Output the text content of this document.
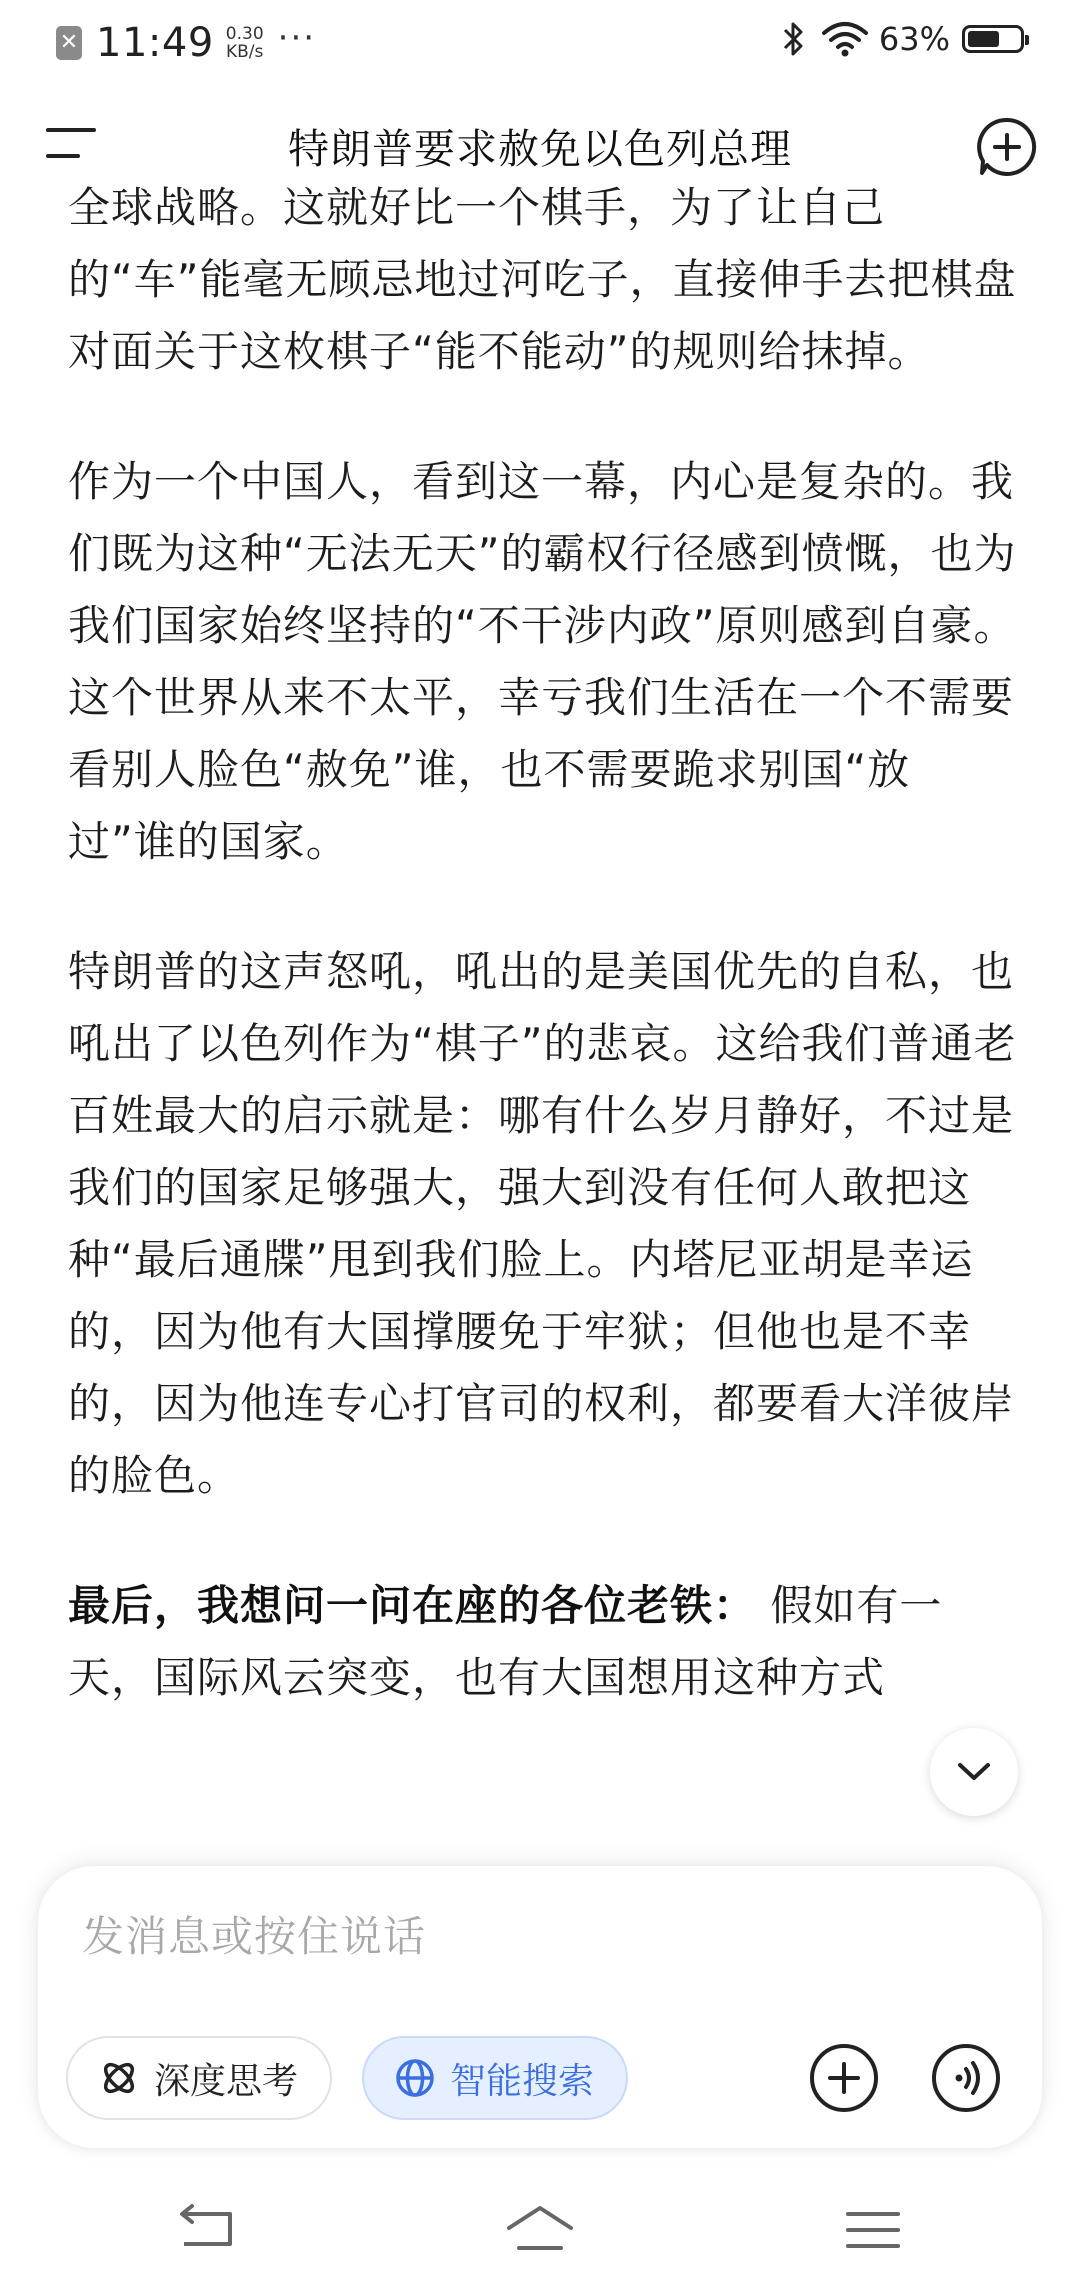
✕ 11:49 0.30
KB/s ···	63%
特朗普要求赦免以色列总理

全球战略。这就好比一个棋手，为了让自己的“车”能毫无顾忌地过河吃子，直接伸手去把棋盘对面关于这枚棋子“能不能动”的规则给抹掉。

作为一个中国人，看到这一幕，内心是复杂的。我们既为这种“无法无天”的霸权行径感到愤慨，也为我们国家始终坚持的“不干涉内政”原则感到自豪。这个世界从来不太平，幸亏我们生活在一个不需要看别人脸色“赦免”谁，也不需要跪求别国“放过”谁的国家。

特朗普的这声怒吼，吼出的是美国优先的自私，也吼出了以色列作为“棋子”的悲哀。这给我们普通老百姓最大的启示就是：哪有什么岁月静好，不过是我们的国家足够强大，强大到没有任何人敢把这种“最后通牒”甩到我们脸上。内塔尼亚胡是幸运的，因为他有大国撑腰免于牢狱；但他也是不幸的，因为他连专心打官司的权利，都要看大洋彼岸的脸色。

最后，我想问一问在座的各位老铁： 假如有一天，国际风云突变，也有大国想用这种方式

发消息或按住说话
深度思考	智能搜索
